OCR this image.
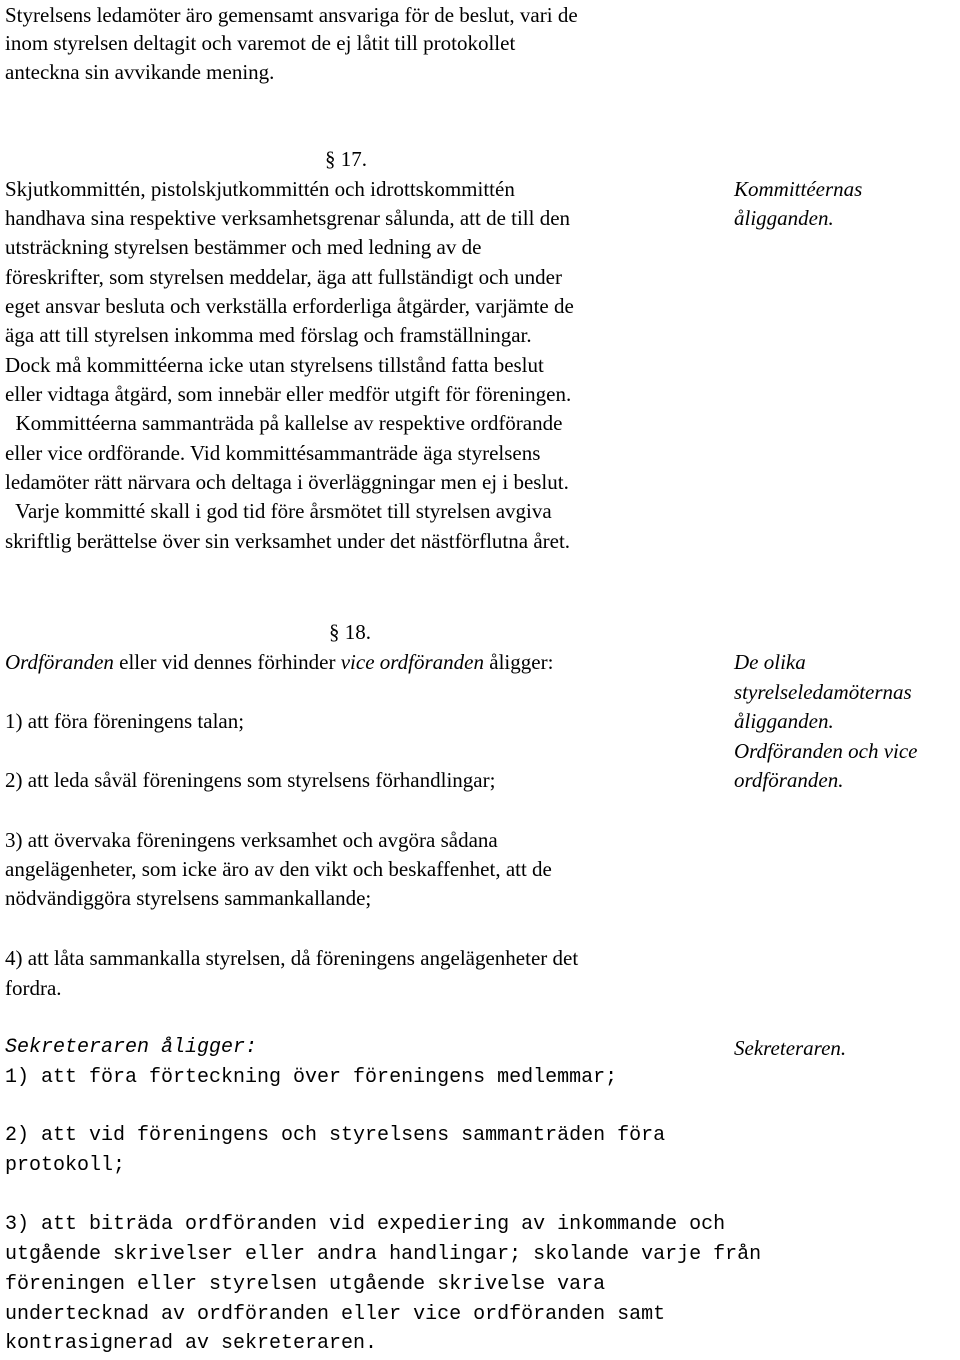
Styrelsens ledamöter äro gemensamt ansvariga för de beslut, vari de
inom styrelsen deltagit och varemot de ej låtit till protokollet
anteckna sin avvikande mening.
§ 17.
Kommittéernas
åligganden.
Skjutkommittén, pistolskjutkommittén och idrottskommittén
handhava sina respektive verksamhetsgrenar sålunda, att de till den
utsträckning styrelsen bestämmer och med ledning av de
föreskrifter, som styrelsen meddelar, äga att fullständigt och under
eget ansvar besluta och verkställa erforderliga åtgärder, varjämte de
äga att till styrelsen inkomma med förslag och framställningar.
Dock må kommittéerna icke utan styrelsens tillstånd fatta beslut
eller vidtaga åtgärd, som innebär eller medför utgift för föreningen.
Kommittéerna sammanträda på kallelse av respektive ordförande
eller vice ordförande. Vid kommittésammanträde äga styrelsens
ledamöter rätt närvara och deltaga i överläggningar men ej i beslut.
Varje kommitté skall i god tid före årsmötet till styrelsen avgiva
skriftlig berättelse över sin verksamhet under det nästförflutna året.
§ 18.
De olika
styrelseledamöternas
åligganden.
Ordföranden och vice
ordföranden.
Ordföranden eller vid dennes förhinder vice ordföranden åligger:
1) att föra föreningens talan;
2) att leda såväl föreningens som styrelsens förhandlingar;
3) att övervaka föreningens verksamhet och avgöra sådana
angelägenheter, som icke äro av den vikt och beskaffenhet, att de
nödvändiggöra styrelsens sammankallande;
4) att låta sammankalla styrelsen, då föreningens angelägenheter det
fordra.
Sekreteraren åligger:	Sekreteraren.
1) att föra förteckning över föreningens medlemmar;
2) att vid föreningens och styrelsens sammanträden föra
protokoll;
3) att biträda ordföranden vid expediering av inkommande och
utgående skrivelser eller andra handlingar; skolande varje från
föreningen eller styrelsen utgående skrivelse vara
undertecknad av ordföranden eller vice ordföranden samt
kontrasignerad av sekreteraren.
